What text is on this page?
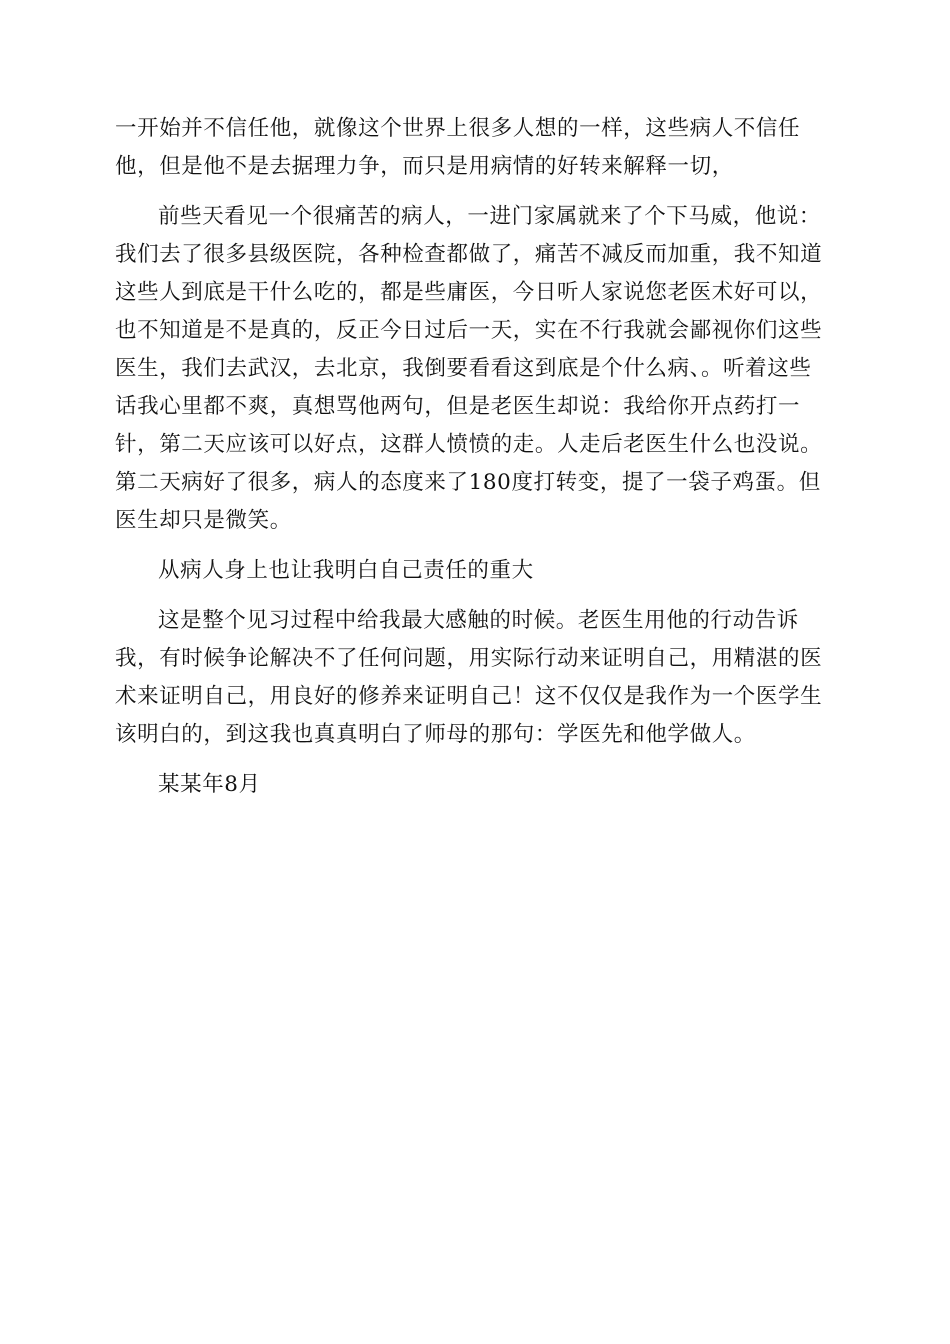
一开始并不信任他，就像这个世界上很多人想的一样，这些病人不信任
他，但是他不是去据理力争，而只是用病情的好转来解释一切，

前些天看见一个很痛苦的病人，一进门家属就来了个下马威，他说：
我们去了很多县级医院，各种检查都做了，痛苦不减反而加重，我不知道
这些人到底是干什么吃的，都是些庸医，今日听人家说您老医术好可以，
也不知道是不是真的，反正今日过后一天，实在不行我就会鄙视你们这些
医生，我们去武汉，去北京，我倒要看看这到底是个什么病、。听着这些
话我心里都不爽，真想骂他两句，但是老医生却说：我给你开点药打一
针，第二天应该可以好点，这群人愤愤的走。人走后老医生什么也没说。
第二天病好了很多，病人的态度来了180度打转变，提了一袋子鸡蛋。但
医生却只是微笑。

从病人身上也让我明白自己责任的重大

这是整个见习过程中给我最大感触的时候。老医生用他的行动告诉
我，有时候争论解决不了任何问题，用实际行动来证明自己，用精湛的医
术来证明自己，用良好的修养来证明自己！这不仅仅是我作为一个医学生
该明白的，到这我也真真明白了师母的那句：学医先和他学做人。

某某年8月
